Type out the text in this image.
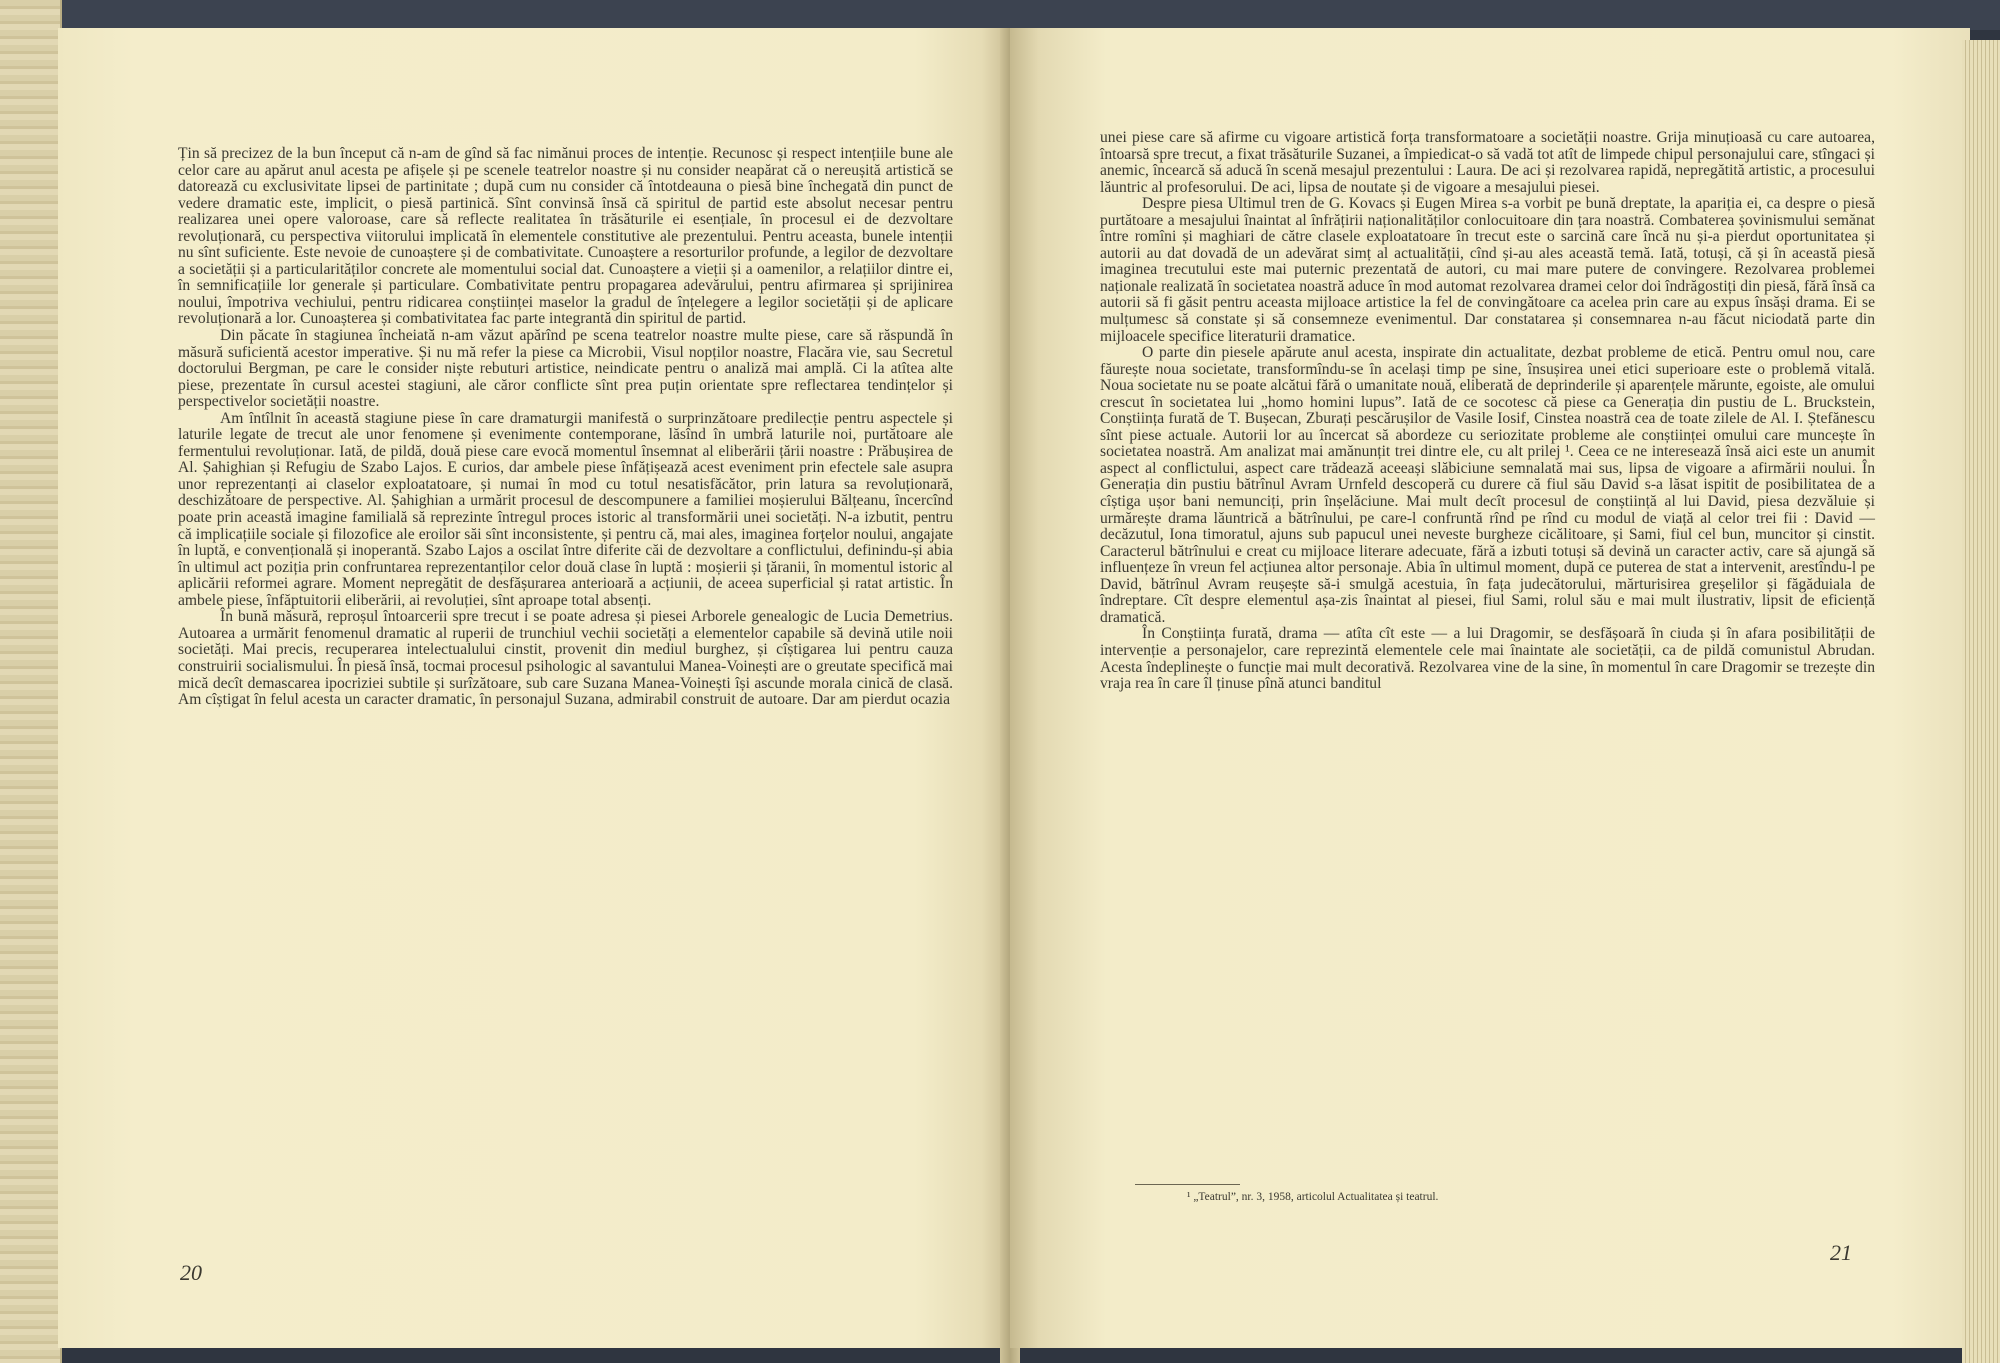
Țin să precizez de la bun început că n-am de gînd să fac nimănui proces de intenție. Recunosc și respect intențiile bune ale celor care au apărut anul acesta pe afișele și pe scenele teatrelor noastre și nu consider neapărat că o nereușită artistică se datorează cu exclusivitate lipsei de partinitate ; după cum nu consider că întotdeauna o piesă bine închegată din punct de vedere dramatic este, implicit, o piesă partinică. Sînt convinsă însă că spiritul de partid este absolut necesar pentru realizarea unei opere valoroase, care să reflecte realitatea în trăsăturile ei esențiale, în procesul ei de dezvoltare revoluționară, cu perspectiva viitorului implicată în elementele constitutive ale prezentului. Pentru aceasta, bunele intenții nu sînt suficiente. Este nevoie de cunoaștere și de combativitate. Cunoaștere a resorturilor profunde, a legilor de dezvoltare a societății și a particularităților concrete ale momentului social dat. Cunoaștere a vieții și a oamenilor, a relațiilor dintre ei, în semnificațiile lor generale și particulare. Combativitate pentru propagarea adevărului, pentru afirmarea și sprijinirea noului, împotriva vechiului, pentru ridicarea conștiinței maselor la gradul de înțelegere a legilor societății și de aplicare revoluționară a lor. Cunoașterea și combativitatea fac parte integrantă din spiritul de partid.

Din păcate în stagiunea încheiată n-am văzut apărînd pe scena teatrelor noastre multe piese, care să răspundă în măsură suficientă acestor imperative. Și nu mă refer la piese ca Microbii, Visul nopților noastre, Flacăra vie, sau Secretul doctorului Bergman, pe care le consider niște rebuturi artistice, neindicate pentru o analiză mai amplă. Ci la atîtea alte piese, prezentate în cursul acestei stagiuni, ale căror conflicte sînt prea puțin orientate spre reflectarea tendințelor și perspectivelor societății noastre.

Am întîlnit în această stagiune piese în care dramaturgii manifestă o surprinzătoare predilecție pentru aspectele și laturile legate de trecut ale unor fenomene și evenimente contemporane, lăsînd în umbră laturile noi, purtătoare ale fermentului revoluționar. Iată, de pildă, două piese care evocă momentul însemnat al eliberării țării noastre : Prăbușirea de Al. Șahighian și Refugiu de Szabo Lajos. E curios, dar ambele piese înfățișează acest eveniment prin efectele sale asupra unor reprezentanți ai claselor exploatatoare, și numai în mod cu totul nesatisfăcător, prin latura sa revoluționară, deschizătoare de perspective. Al. Șahighian a urmărit procesul de descompunere a familiei moșierului Bălțeanu, încercînd poate prin această imagine familială să reprezinte întregul proces istoric al transformării unei societăți. N-a izbutit, pentru că implicațiile sociale și filozofice ale eroilor săi sînt inconsistente, și pentru că, mai ales, imaginea forțelor noului, angajate în luptă, e convențională și inoperantă. Szabo Lajos a oscilat între diferite căi de dezvoltare a conflictului, definindu-și abia în ultimul act poziția prin confruntarea reprezentanților celor două clase în luptă : moșierii și țăranii, în momentul istoric al aplicării reformei agrare. Moment nepregătit de desfășurarea anterioară a acțiunii, de aceea superficial și ratat artistic. În ambele piese, înfăptuitorii eliberării, ai revoluției, sînt aproape total absenți.

În bună măsură, reproșul întoarcerii spre trecut i se poate adresa și piesei Arborele genealogic de Lucia Demetrius. Autoarea a urmărit fenomenul dramatic al ruperii de trunchiul vechii societăți a elementelor capabile să devină utile noii societăți. Mai precis, recuperarea intelectualului cinstit, provenit din mediul burghez, și cîștigarea lui pentru cauza construirii socialismului. În piesă însă, tocmai procesul psihologic al savantului Manea-Voinești are o greutate specifică mai mică decît demascarea ipocriziei subtile și surîzătoare, sub care Suzana Manea-Voinești își ascunde morala cinică de clasă. Am cîștigat în felul acesta un caracter dramatic, în personajul Suzana, admirabil construit de autoare. Dar am pierdut ocazia

20

unei piese care să afirme cu vigoare artistică forța transformatoare a societății noastre. Grija minuțioasă cu care autoarea, întoarsă spre trecut, a fixat trăsăturile Suzanei, a împiedicat-o să vadă tot atît de limpede chipul personajului care, stîngaci și anemic, încearcă să aducă în scenă mesajul prezentului : Laura. De aci și rezolvarea rapidă, nepregătită artistic, a procesului lăuntric al profesorului. De aci, lipsa de noutate și de vigoare a mesajului piesei.

Despre piesa Ultimul tren de G. Kovacs și Eugen Mirea s-a vorbit pe bună dreptate, la apariția ei, ca despre o piesă purtătoare a mesajului înaintat al înfrățirii naționalităților conlocuitoare din țara noastră. Combaterea șovinismului semănat între romîni și maghiari de către clasele exploatatoare în trecut este o sarcină care încă nu și-a pierdut oportunitatea și autorii au dat dovadă de un adevărat simț al actualității, cînd și-au ales această temă. Iată, totuși, că și în această piesă imaginea trecutului este mai puternic prezentată de autori, cu mai mare putere de convingere. Rezolvarea problemei naționale realizată în societatea noastră aduce în mod automat rezolvarea dramei celor doi îndrăgostiți din piesă, fără însă ca autorii să fi găsit pentru aceasta mijloace artistice la fel de convingătoare ca acelea prin care au expus însăși drama. Ei se mulțumesc să constate și să consemneze evenimentul. Dar constatarea și consemnarea n-au făcut niciodată parte din mijloacele specifice literaturii dramatice.

O parte din piesele apărute anul acesta, inspirate din actualitate, dezbat probleme de etică. Pentru omul nou, care făurește noua societate, transformîndu-se în același timp pe sine, însușirea unei etici superioare este o problemă vitală. Noua societate nu se poate alcătui fără o umanitate nouă, eliberată de deprinderile și aparențele mărunte, egoiste, ale omului crescut în societatea lui „homo homini lupus”. Iată de ce socotesc că piese ca Generația din pustiu de L. Bruckstein, Conștiința furată de T. Bușecan, Zburați pescărușilor de Vasile Iosif, Cinstea noastră cea de toate zilele de Al. I. Ștefănescu sînt piese actuale. Autorii lor au încercat să abordeze cu seriozitate probleme ale conștiinței omului care muncește în societatea noastră. Am analizat mai amănunțit trei dintre ele, cu alt prilej ¹. Ceea ce ne interesează însă aici este un anumit aspect al conflictului, aspect care trădează aceeași slăbiciune semnalată mai sus, lipsa de vigoare a afirmării noului. În Generația din pustiu bătrînul Avram Urnfeld descoperă cu durere că fiul său David s-a lăsat ispitit de posibilitatea de a cîștiga ușor bani nemunciți, prin înșelăciune. Mai mult decît procesul de conștiință al lui David, piesa dezvăluie și urmărește drama lăuntrică a bătrînului, pe care-l confruntă rînd pe rînd cu modul de viață al celor trei fii : David — decăzutul, Iona timoratul, ajuns sub papucul unei neveste burgheze cicălitoare, și Sami, fiul cel bun, muncitor și cinstit. Caracterul bătrînului e creat cu mijloace literare adecuate, fără a izbuti totuși să devină un caracter activ, care să ajungă să influențeze în vreun fel acțiunea altor personaje. Abia în ultimul moment, după ce puterea de stat a intervenit, arestîndu-l pe David, bătrînul Avram reușește să-i smulgă acestuia, în fața judecătorului, mărturisirea greșelilor și făgăduiala de îndreptare. Cît despre elementul așa-zis înaintat al piesei, fiul Sami, rolul său e mai mult ilustrativ, lipsit de eficiență dramatică.

În Conștiința furată, drama — atîta cît este — a lui Dragomir, se desfășoară în ciuda și în afara posibilității de intervenție a personajelor, care reprezintă elementele cele mai înaintate ale societății, ca de pildă comunistul Abrudan. Acesta îndeplinește o funcție mai mult decorativă. Rezolvarea vine de la sine, în momentul în care Dragomir se trezește din vraja rea în care îl ținuse pînă atunci banditul

21
¹ „Teatrul”, nr. 3, 1958, articolul Actualitatea și teatrul.
